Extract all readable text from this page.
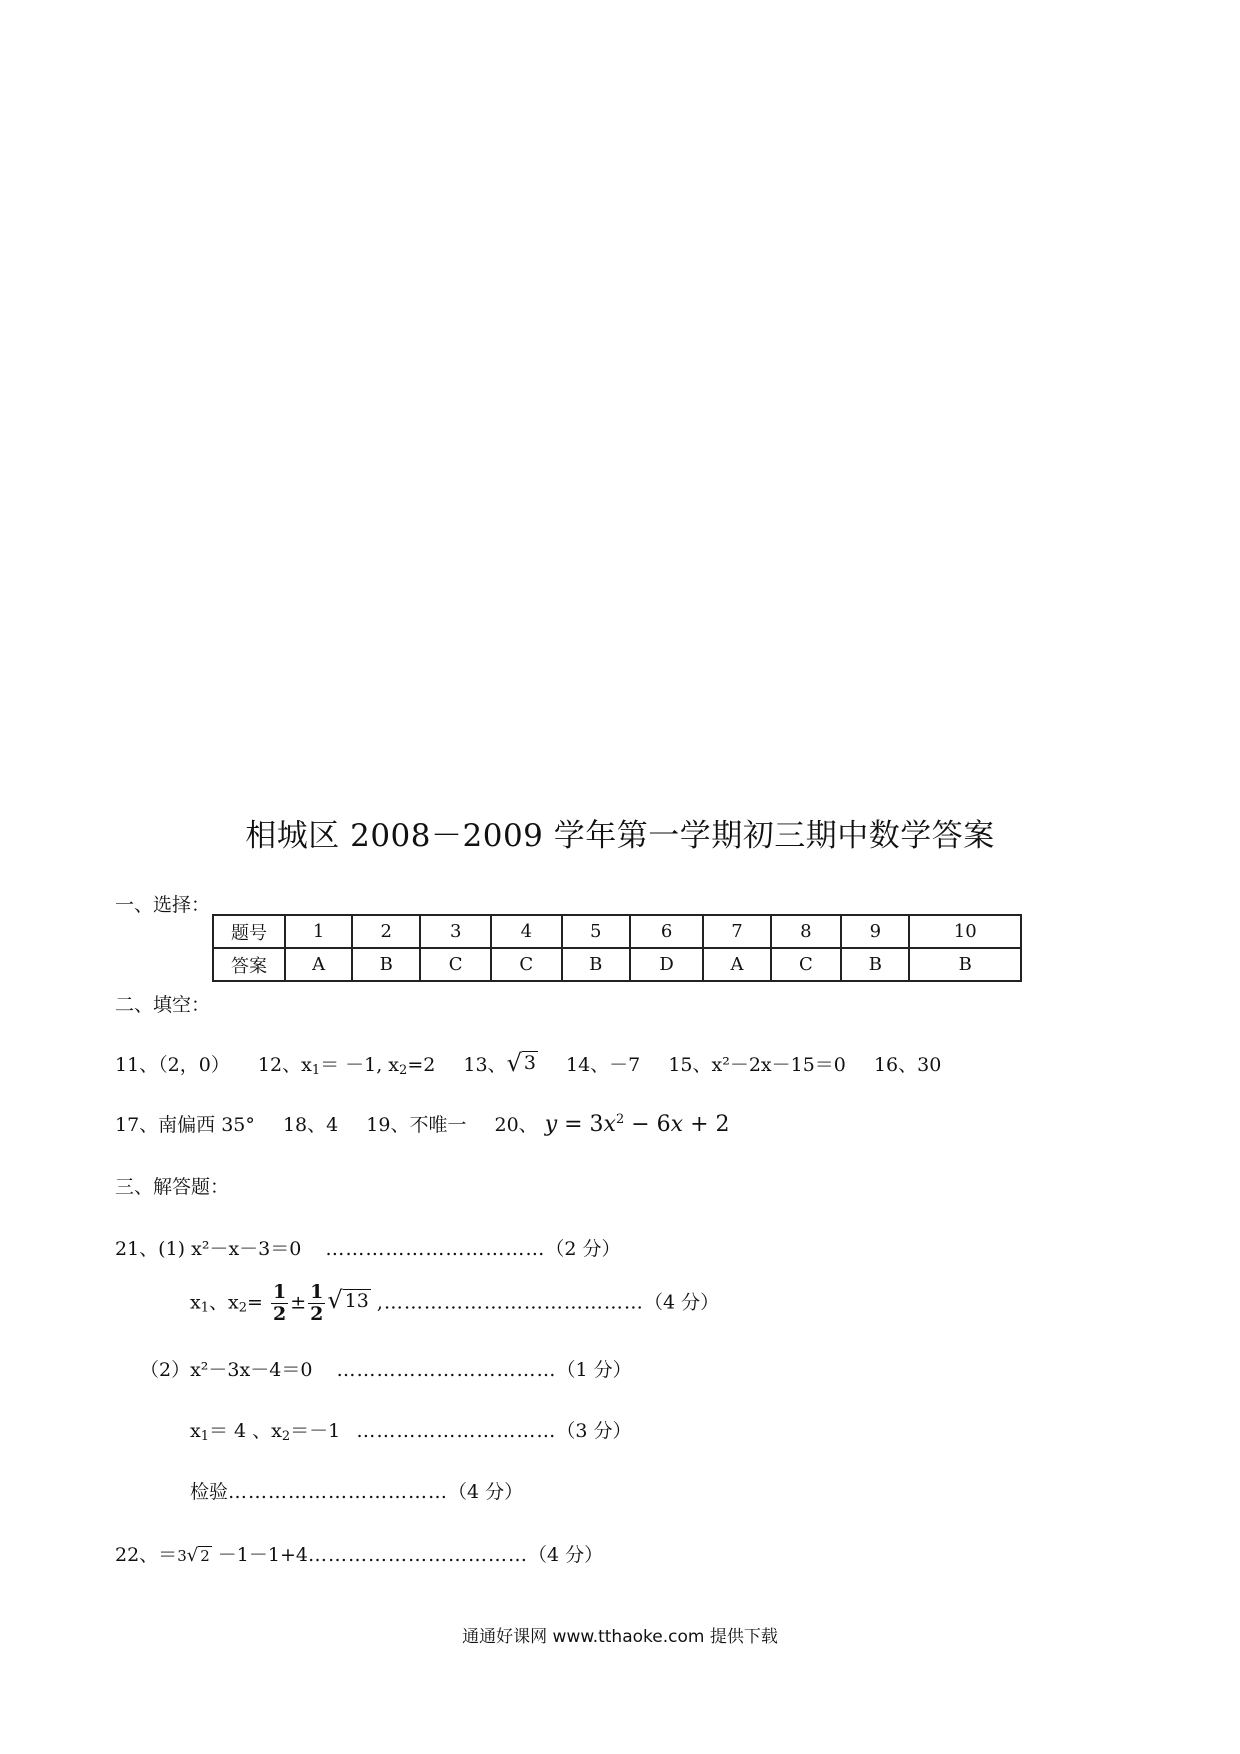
相城区 2008－2009 学年第一学期初三期中数学答案
一、选择：
题号	1	2	3	4	5	6	7	8	9	10
答案	A	B	C	C	B	D	A	C	B	B
二、填空：
11、（2，0） 12、$x_1= -1$, $x_2=2$ 13、 √ 3 14、－7 15、x²－2x－15＝0 16、30
17、南偏西 35° 18、4 19、不唯一 20、 $y = 3x^2 - 6x + 2$
三、解答题：
21、(1) x²－x－3＝0 ……………………………（2 分）
$x_1$、$x_2= \frac{1}{2} \pm \frac{1}{2}$ √ 13 ,…………………………………（4 分）
（2）x²－3x－4＝0 ……………………………（1 分）
$x_1= 4$ 、$x_2=-1$ …………………………（3 分）
检验……………………………（4 分）
22、＝3 √ 2 －1－1+4……………………………（4 分）
通通好课网 www.tthaoke.com 提供下载
